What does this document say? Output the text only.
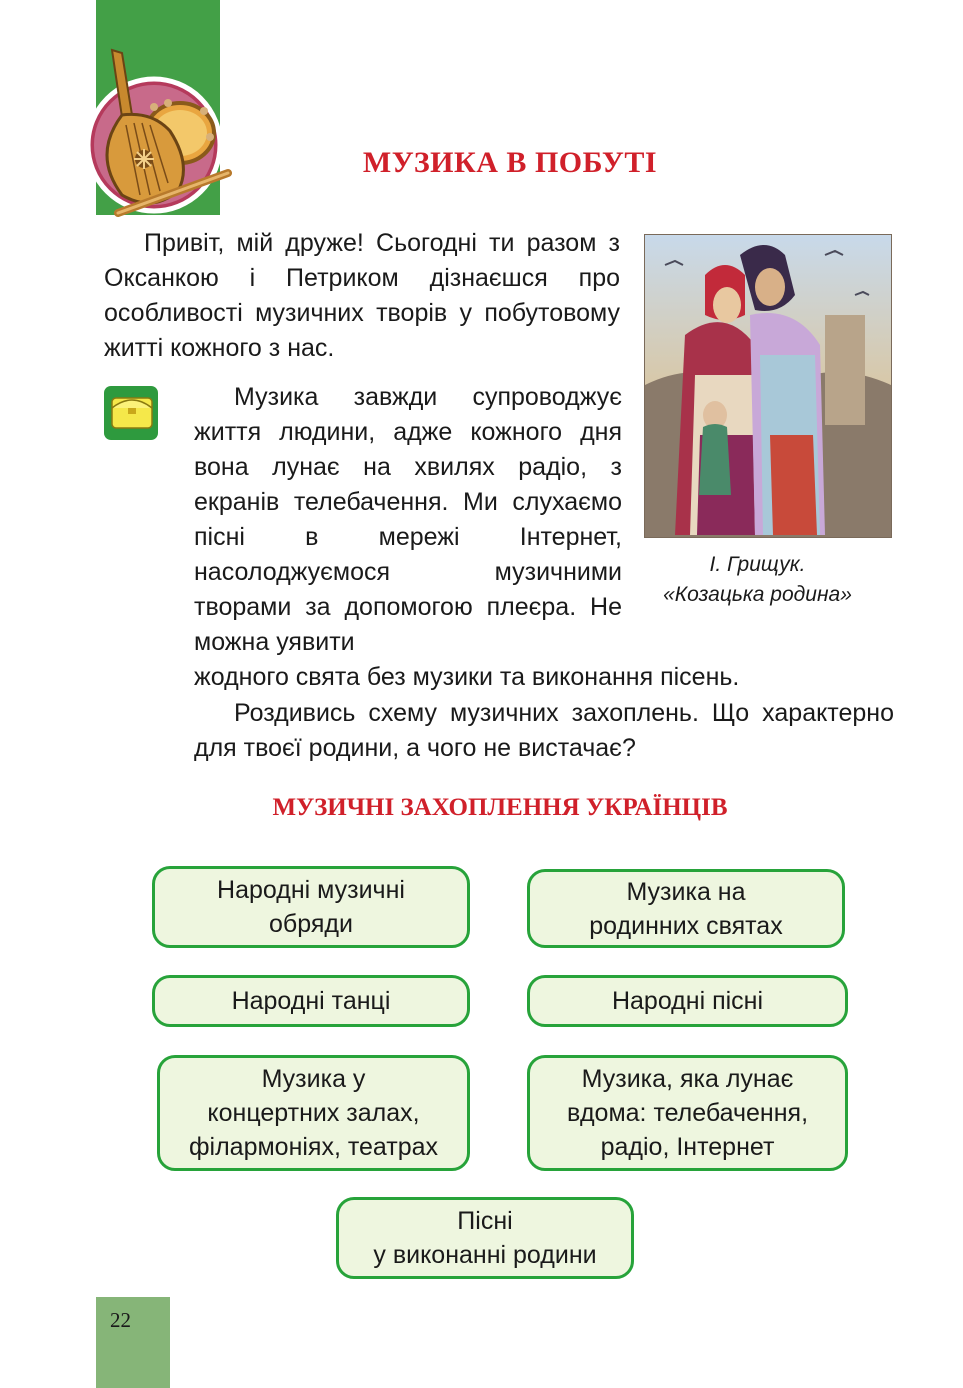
МУЗИКА В ПОБУТІ

Привіт, мій друже! Сьогодні ти разом з Оксанкою і Петриком дізнаєшся про особливості музичних творів у побутовому житті кожного з нас.

Музика завжди супроводжує життя людини, адже кожного дня вона лунає на хвилях радіо, з екранів телебачення. Ми слухаємо пісні в мережі Інтернет, насолоджуємося музичними творами за допомогою плеєра. Не можна уявити

І. Грищук.
«Козацька родина»

жодного свята без музики та виконання пісень.

Роздивись схему музичних захоплень. Що характерно для твоєї родини, а чого не вистачає?

МУЗИЧНІ ЗАХОПЛЕННЯ УКРАЇНЦІВ
Народні музичні
обряди
Музика на
родинних святах
Народні танці	Народні пісні
Музика у
концертних залах,
філармоніях, театрах
Музика, яка лунає
вдома: телебачення,
радіо, Інтернет
Пісні
у виконанні родини
22
